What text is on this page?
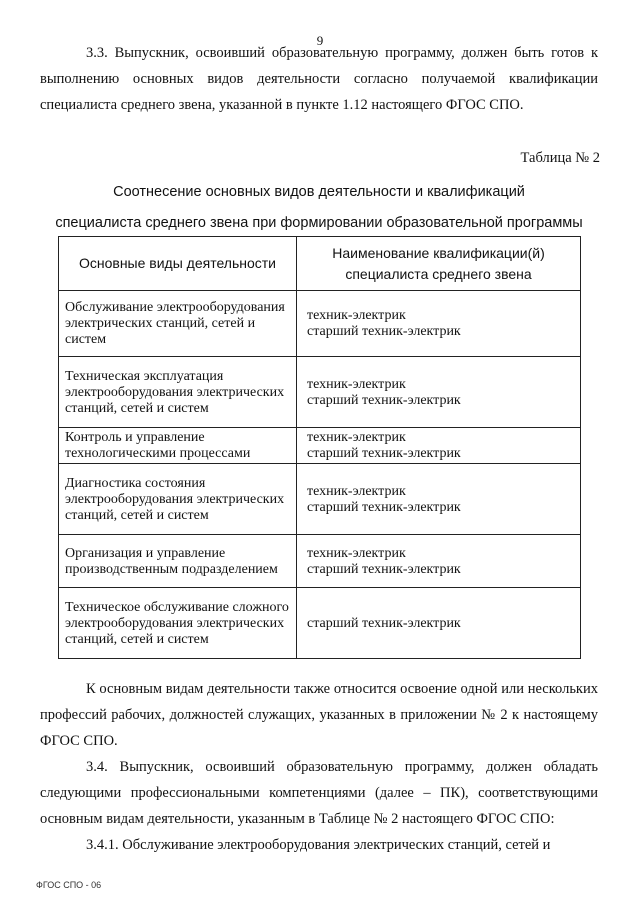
9

3.3. Выпускник, освоивший образовательную программу, должен быть готов к выполнению основных видов деятельности согласно получаемой квалификации специалиста среднего звена, указанной в пункте 1.12 настоящего ФГОС СПО.

Таблица № 2
Соотнесение основных видов деятельности и квалификаций
специалиста среднего звена при формировании образовательной программы
Основные виды деятельности	Наименование квалификации(й) специалиста среднего звена
Обслуживание электрооборудования электрических станций, сетей и систем	техник-электрик
старший техник-электрик

Техническая эксплуатация электрооборудования электрических станций, сетей и систем	техник-электрик
старший техник-электрик

Контроль и управление технологическими процессами	техник-электрик
старший техник-электрик

Диагностика состояния электрооборудования электрических станций, сетей и систем	техник-электрик
старший техник-электрик

Организация и управление производственным подразделением	техник-электрик
старший техник-электрик

Техническое обслуживание сложного электрооборудования электрических станций, сетей и систем	старший техник-электрик

К основным видам деятельности также относится освоение одной или нескольких профессий рабочих, должностей служащих, указанных в приложении № 2 к настоящему ФГОС СПО.

3.4. Выпускник, освоивший образовательную программу, должен обладать следующими профессиональными компетенциями (далее – ПК), соответствующими основным видам деятельности, указанным в Таблице № 2 настоящего ФГОС СПО:

3.4.1. Обслуживание электрооборудования электрических станций, сетей и

ФГОС СПО - 06
